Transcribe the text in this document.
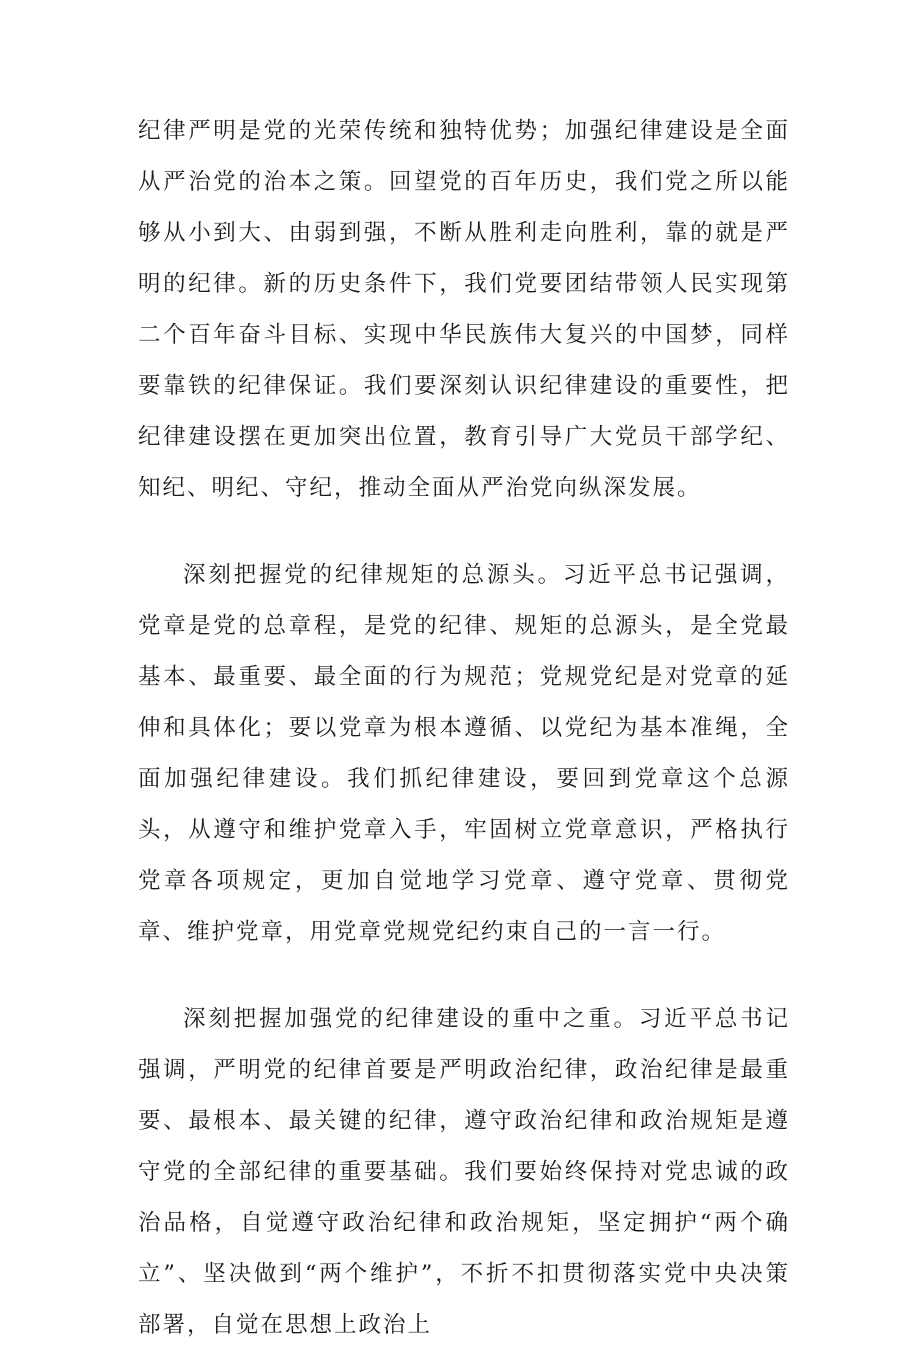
纪律严明是党的光荣传统和独特优势；加强纪律建设是全面从严治党的治本之策。回望党的百年历史，我们党之所以能够从小到大、由弱到强，不断从胜利走向胜利，靠的就是严明的纪律。新的历史条件下，我们党要团结带领人民实现第二个百年奋斗目标、实现中华民族伟大复兴的中国梦，同样要靠铁的纪律保证。我们要深刻认识纪律建设的重要性，把纪律建设摆在更加突出位置，教育引导广大党员干部学纪、知纪、明纪、守纪，推动全面从严治党向纵深发展。

深刻把握党的纪律规矩的总源头。习近平总书记强调，党章是党的总章程，是党的纪律、规矩的总源头，是全党最基本、最重要、最全面的行为规范；党规党纪是对党章的延伸和具体化；要以党章为根本遵循、以党纪为基本准绳，全面加强纪律建设。我们抓纪律建设，要回到党章这个总源头，从遵守和维护党章入手，牢固树立党章意识，严格执行党章各项规定，更加自觉地学习党章、遵守党章、贯彻党章、维护党章，用党章党规党纪约束自己的一言一行。

深刻把握加强党的纪律建设的重中之重。习近平总书记强调，严明党的纪律首要是严明政治纪律，政治纪律是最重要、最根本、最关键的纪律，遵守政治纪律和政治规矩是遵守党的全部纪律的重要基础。我们要始终保持对党忠诚的政治品格，自觉遵守政治纪律和政治规矩，坚定拥护“两个确立”、坚决做到“两个维护”，不折不扣贯彻落实党中央决策部署，自觉在思想上政治上
